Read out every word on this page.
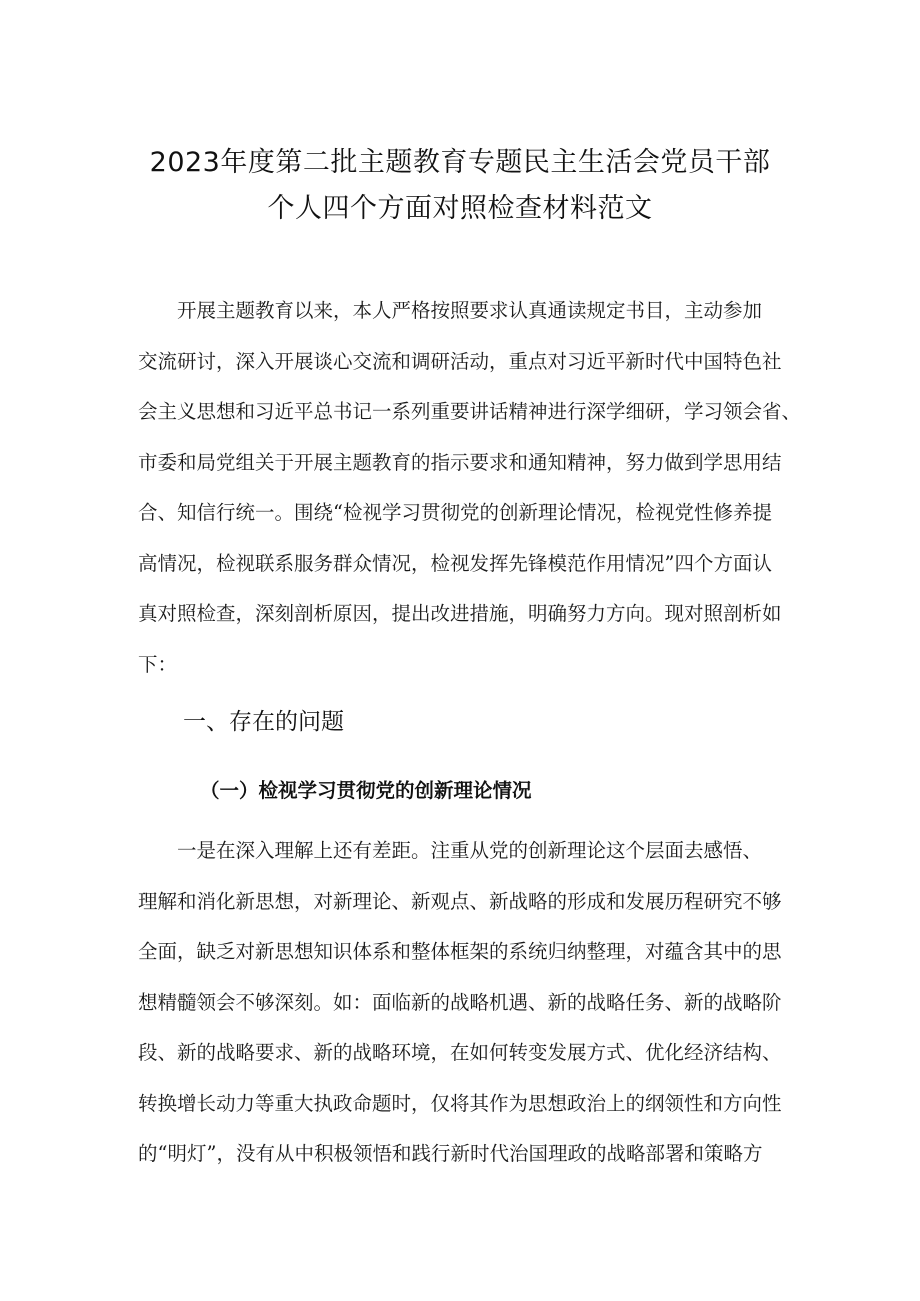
2023年度第二批主题教育专题民主生活会党员干部
个人四个方面对照检查材料范文
　　开展主题教育以来，本人严格按照要求认真通读规定书目，主动参加
交流研讨，深入开展谈心交流和调研活动，重点对习近平新时代中国特色社
会主义思想和习近平总书记一系列重要讲话精神进行深学细研，学习领会省、
市委和局党组关于开展主题教育的指示要求和通知精神，努力做到学思用结
合、知信行统一。围绕“检视学习贯彻党的创新理论情况，检视党性修养提
高情况，检视联系服务群众情况，检视发挥先锋模范作用情况”四个方面认
真对照检查，深刻剖析原因，提出改进措施，明确努力方向。现对照剖析如
下：
一、存在的问题
（一）检视学习贯彻党的创新理论情况
　　一是在深入理解上还有差距。注重从党的创新理论这个层面去感悟、
理解和消化新思想，对新理论、新观点、新战略的形成和发展历程研究不够
全面，缺乏对新思想知识体系和整体框架的系统归纳整理，对蕴含其中的思
想精髓领会不够深刻。如：面临新的战略机遇、新的战略任务、新的战略阶
段、新的战略要求、新的战略环境，在如何转变发展方式、优化经济结构、
转换增长动力等重大执政命题时，仅将其作为思想政治上的纲领性和方向性
的“明灯”，没有从中积极领悟和践行新时代治国理政的战略部署和策略方
